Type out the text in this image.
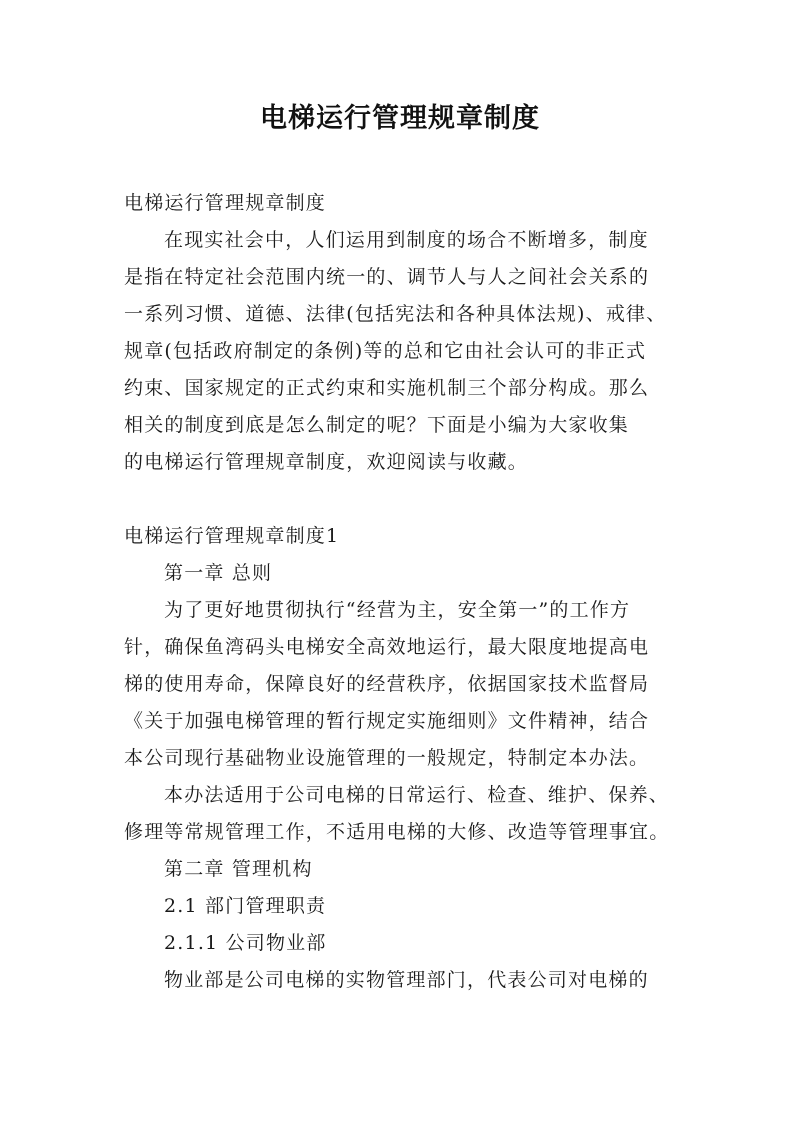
电梯运行管理规章制度
电梯运行管理规章制度
在现实社会中，人们运用到制度的场合不断增多，制度
是指在特定社会范围内统一的、调节人与人之间社会关系的
一系列习惯、道德、法律(包括宪法和各种具体法规)、戒律、
规章(包括政府制定的条例)等的总和它由社会认可的非正式
约束、国家规定的正式约束和实施机制三个部分构成。那么
相关的制度到底是怎么制定的呢？下面是小编为大家收集
的电梯运行管理规章制度，欢迎阅读与收藏。
电梯运行管理规章制度1
第一章 总则
为了更好地贯彻执行“经营为主，安全第一”的工作方
针，确保鱼湾码头电梯安全高效地运行，最大限度地提高电
梯的使用寿命，保障良好的经营秩序，依据国家技术监督局
《关于加强电梯管理的暂行规定实施细则》文件精神，结合
本公司现行基础物业设施管理的一般规定，特制定本办法。
本办法适用于公司电梯的日常运行、检查、维护、保养、
修理等常规管理工作，不适用电梯的大修、改造等管理事宜。
第二章 管理机构
2.1 部门管理职责
2.1.1 公司物业部
物业部是公司电梯的实物管理部门，代表公司对电梯的
